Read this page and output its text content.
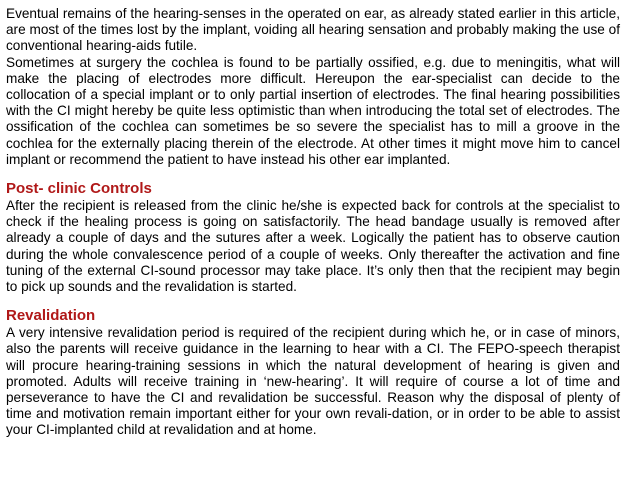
Eventual remains of the hearing-senses in the operated on ear, as already stated earlier in this article, are most of the times lost by the implant, voiding all hearing sensation and probably making the use of conventional hearing-aids futile.

Sometimes at surgery the cochlea is found to be partially ossified, e.g. due to meningitis, what will make the placing of electrodes more difficult. Hereupon the ear-specialist can decide to the collocation of a special implant or to only partial insertion of electrodes. The final hearing possibilities with the CI might hereby be quite less optimistic than when introducing the total set of electrodes. The ossification of the cochlea can sometimes be so severe the specialist has to mill a groove in the cochlea for the externally placing therein of the electrode. At other times it might move him to cancel implant or recommend the patient to have instead his other ear implanted.

Post- clinic Controls

After the recipient is released from the clinic he/she is expected back for controls at the specialist to check if the healing process is going on satisfactorily. The head bandage usually is removed after already a couple of days and the sutures after a week. Logically the patient has to observe caution during the whole convalescence period of a couple of weeks. Only thereafter the activation and fine tuning of the external CI-sound processor may take place. It’s only then that the recipient may begin to pick up sounds and the revalidation is started.

Revalidation

A very intensive revalidation period is required of the recipient during which he, or in case of minors, also the parents will receive guidance in the learning to hear with a CI. The FEPO-speech therapist will procure hearing-training sessions in which the natural development of hearing is given and promoted. Adults will receive training in ‘new-hearing’. It will require of course a lot of time and perseverance to have the CI and revalidation be successful. Reason why the disposal of plenty of time and motivation remain important either for your own revali-dation, or in order to be able to assist your CI-implanted child at revalidation and at home.
